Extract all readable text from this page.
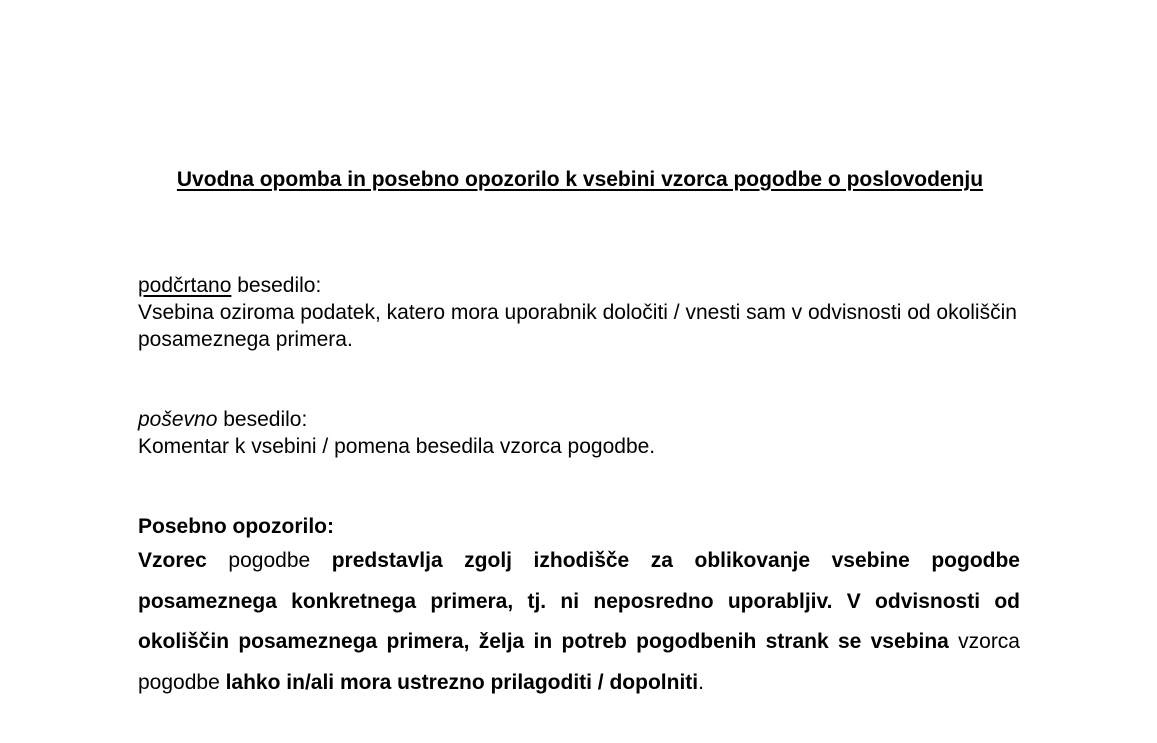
Uvodna opomba in posebno opozorilo k vsebini vzorca pogodbe o poslovodenju
podčrtano besedilo:
Vsebina oziroma podatek, katero mora uporabnik določiti / vnesti sam v odvisnosti od okoliščin posameznega primera.
poševno besedilo:
Komentar k vsebini / pomena besedila vzorca pogodbe.
Posebno opozorilo:
Vzorec pogodbe predstavlja zgolj izhodišče za oblikovanje vsebine pogodbe posameznega konkretnega primera, tj. ni neposredno uporabljiv. V odvisnosti od okoliščin posameznega primera, želja in potreb pogodbenih strank se vsebina vzorca pogodbe lahko in/ali mora ustrezno prilagoditi / dopolniti.
